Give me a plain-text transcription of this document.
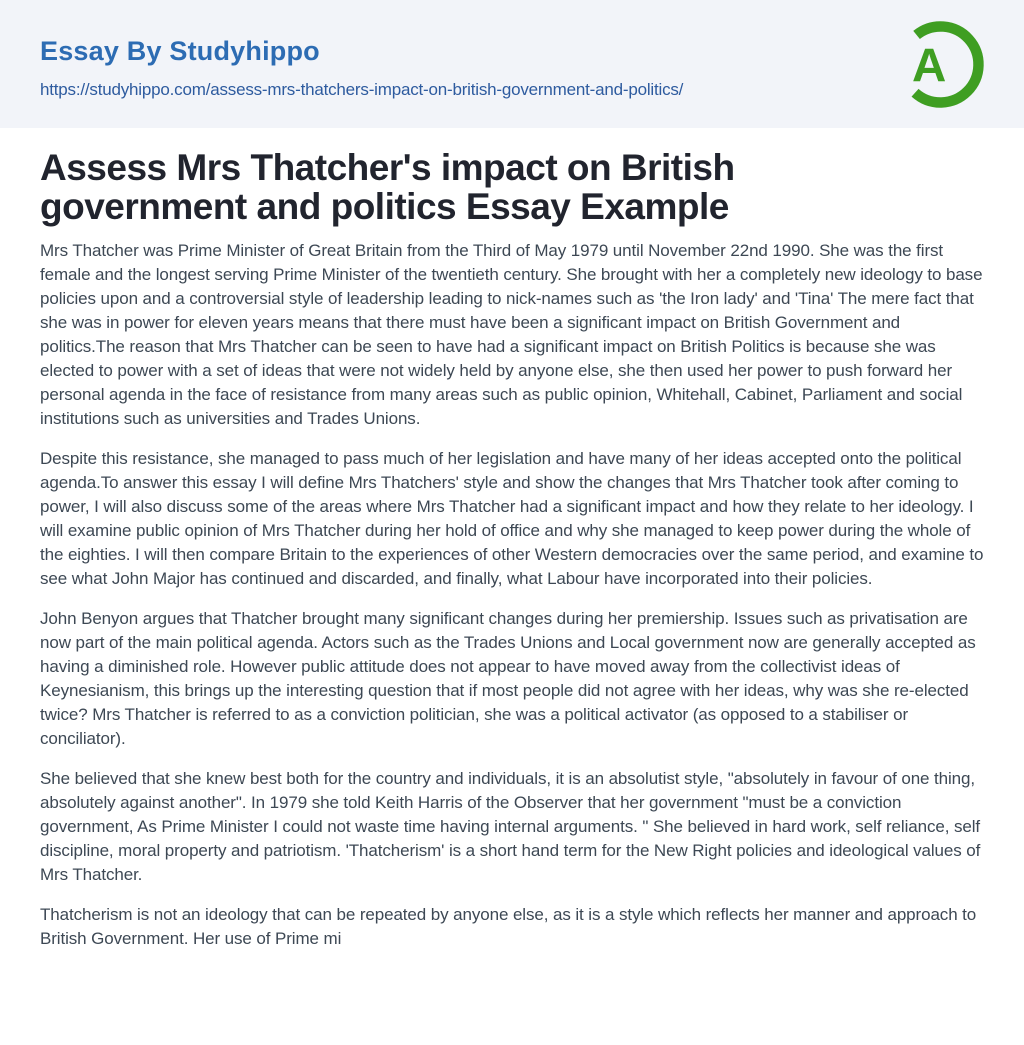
Essay By Studyhippo
https://studyhippo.com/assess-mrs-thatchers-impact-on-british-government-and-politics/	A
Assess Mrs Thatcher's impact on British government and politics Essay Example

Mrs Thatcher was Prime Minister of Great Britain from the Third of May 1979 until November 22nd 1990. She was the first female and the longest serving Prime Minister of the twentieth century. She brought with her a completely new ideology to base policies upon and a controversial style of leadership leading to nick-names such as 'the Iron lady' and 'Tina' The mere fact that she was in power for eleven years means that there must have been a significant impact on British Government and politics.The reason that Mrs Thatcher can be seen to have had a significant impact on British Politics is because she was elected to power with a set of ideas that were not widely held by anyone else, she then used her power to push forward her personal agenda in the face of resistance from many areas such as public opinion, Whitehall, Cabinet, Parliament and social institutions such as universities and Trades Unions.

Despite this resistance, she managed to pass much of her legislation and have many of her ideas accepted onto the political agenda.To answer this essay I will define Mrs Thatchers' style and show the changes that Mrs Thatcher took after coming to power, I will also discuss some of the areas where Mrs Thatcher had a significant impact and how they relate to her ideology. I will examine public opinion of Mrs Thatcher during her hold of office and why she managed to keep power during the whole of the eighties. I will then compare Britain to the experiences of other Western democracies over the same period, and examine to see what John Major has continued and discarded, and finally, what Labour have incorporated into their policies.

John Benyon argues that Thatcher brought many significant changes during her premiership. Issues such as privatisation are now part of the main political agenda. Actors such as the Trades Unions and Local government now are generally accepted as having a diminished role. However public attitude does not appear to have moved away from the collectivist ideas of Keynesianism, this brings up the interesting question that if most people did not agree with her ideas, why was she re-elected twice? Mrs Thatcher is referred to as a conviction politician, she was a political activator (as opposed to a stabiliser or conciliator).

She believed that she knew best both for the country and individuals, it is an absolutist style, "absolutely in favour of one thing, absolutely against another". In 1979 she told Keith Harris of the Observer that her government "must be a conviction government, As Prime Minister I could not waste time having internal arguments. " She believed in hard work, self reliance, self discipline, moral property and patriotism. 'Thatcherism' is a short hand term for the New Right policies and ideological values of Mrs Thatcher.

Thatcherism is not an ideology that can be repeated by anyone else, as it is a style which reflects her manner and approach to British Government. Her use of Prime mi
